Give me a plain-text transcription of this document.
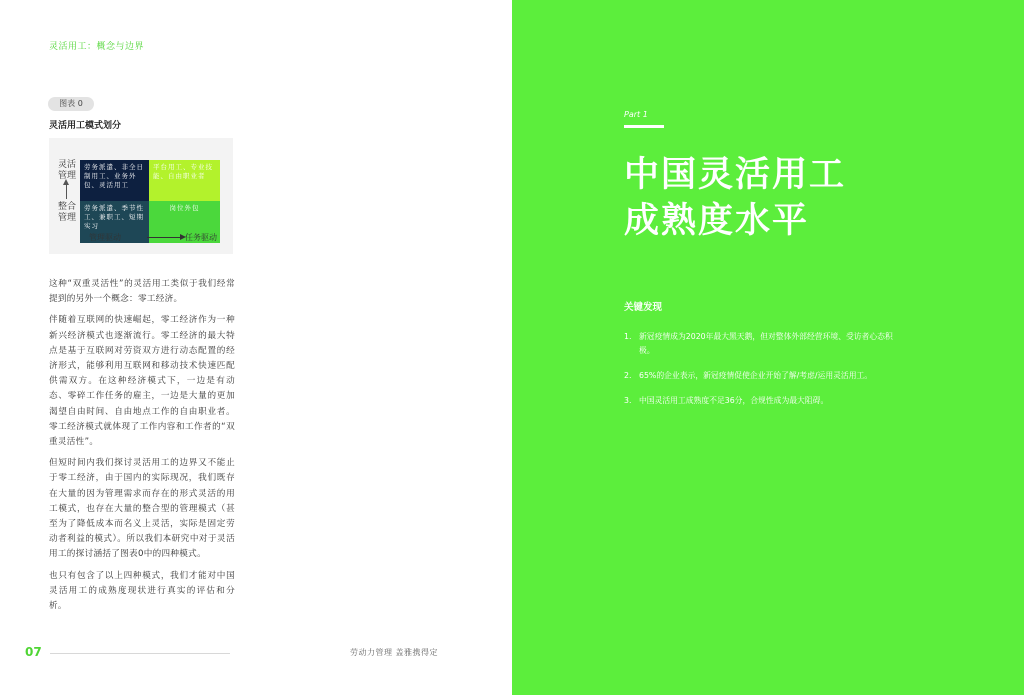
灵活用工：概念与边界
图表 0
灵活用工模式划分
灵活管理
整合管理
劳务派遣、非全日制用工、业务外包、灵活用工
平台用工、专业技能、自由职业者
劳务派遣、季节性工、兼职工、短期实习
岗位外包
管理驱动	任务驱动

这种“双重灵活性”的灵活用工类似于我们经常提到的另外一个概念：零工经济。

伴随着互联网的快速崛起，零工经济作为一种新兴经济模式也逐渐流行。零工经济的最大特点是基于互联网对劳资双方进行动态配置的经济形式，能够利用互联网和移动技术快速匹配供需双方。在这种经济模式下，一边是有动态、零碎工作任务的雇主，一边是大量的更加渴望自由时间、自由地点工作的自由职业者。零工经济模式就体现了工作内容和工作者的“双重灵活性”。

但短时间内我们探讨灵活用工的边界又不能止于零工经济，由于国内的实际现况，我们既存在大量的因为管理需求而存在的形式灵活的用工模式，也存在大量的整合型的管理模式（甚至为了降低成本而名义上灵活，实际是固定劳动者利益的模式）。所以我们本研究中对于灵活用工的探讨涵括了图表0中的四种模式。

也只有包含了以上四种模式，我们才能对中国灵活用工的成熟度现状进行真实的评估和分析。

07	劳动力管理 盖雅携得定
Part 1
中国灵活用工
成熟度水平
关键发现
1. 新冠疫情成为2020年最大黑天鹅，但对整体外部经营环境、受访者心态积极。
2. 65%的企业表示，新冠疫情促使企业开始了解/考虑/运用灵活用工。
3. 中国灵活用工成熟度不足36分，合规性成为最大阻碍。
